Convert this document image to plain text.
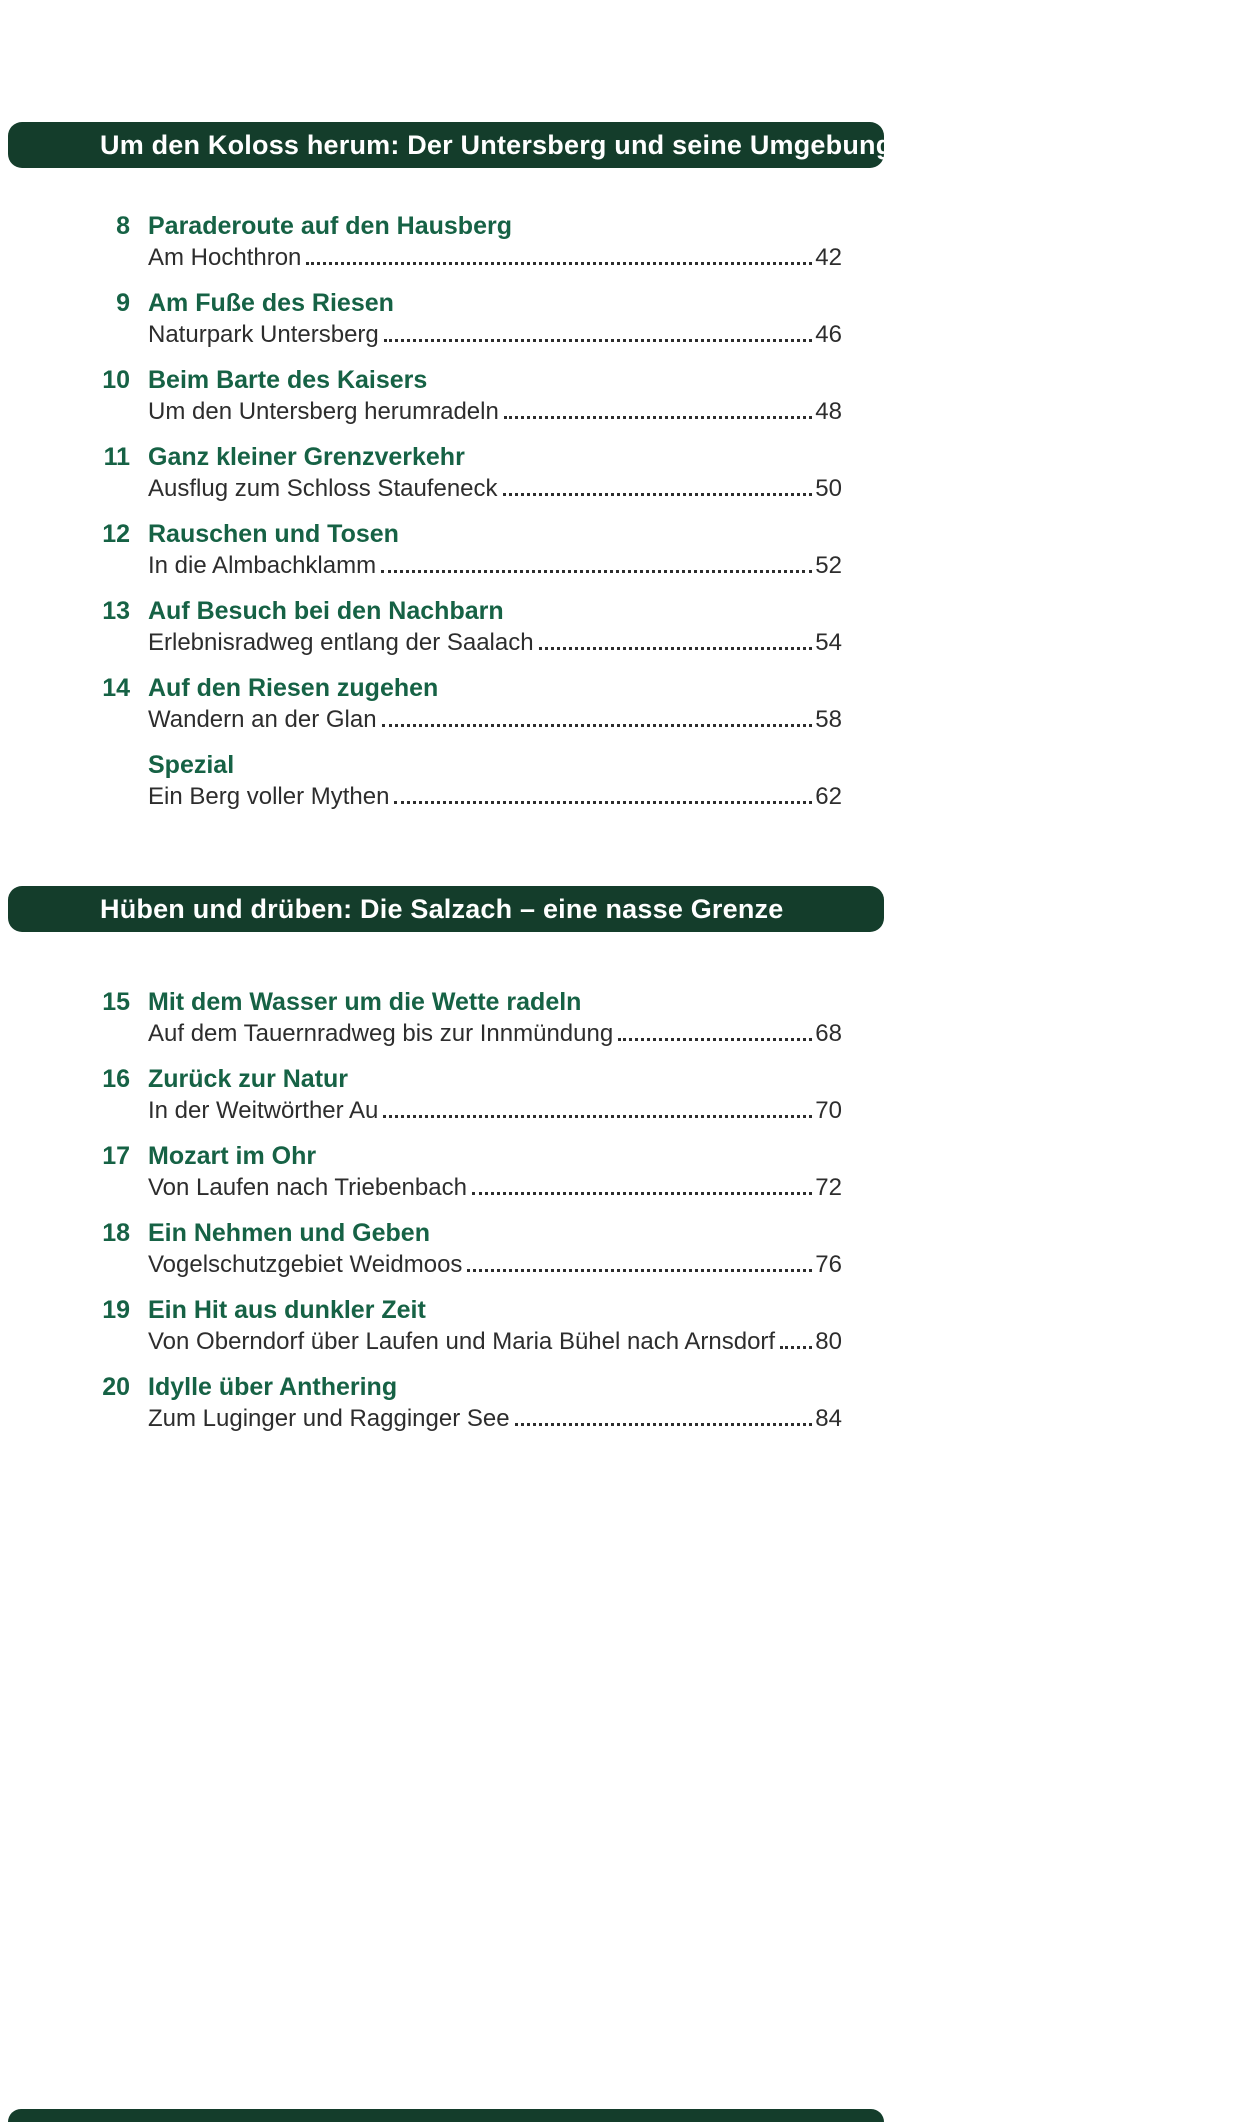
Um den Koloss herum: Der Untersberg und seine Umgebung
8 Paraderoute auf den Hausberg
Am Hochthron	42
9 Am Fuße des Riesen
Naturpark Untersberg	46
10 Beim Barte des Kaisers
Um den Untersberg herumradeln	48
11 Ganz kleiner Grenzverkehr
Ausflug zum Schloss Staufeneck	50
12 Rauschen und Tosen
In die Almbachklamm	52
13 Auf Besuch bei den Nachbarn
Erlebnisradweg entlang der Saalach	54
14 Auf den Riesen zugehen
Wandern an der Glan	58
Spezial
Ein Berg voller Mythen	62
Hüben und drüben: Die Salzach – eine nasse Grenze
15 Mit dem Wasser um die Wette radeln
Auf dem Tauernradweg bis zur Innmündung	68
16 Zurück zur Natur
In der Weitwörther Au	70
17 Mozart im Ohr
Von Laufen nach Triebenbach	72
18 Ein Nehmen und Geben
Vogelschutzgebiet Weidmoos	76
19 Ein Hit aus dunkler Zeit
Von Oberndorf über Laufen und Maria Bühel nach Arnsdorf 80
20 Idylle über Anthering
Zum Luginger und Ragginger See	84
